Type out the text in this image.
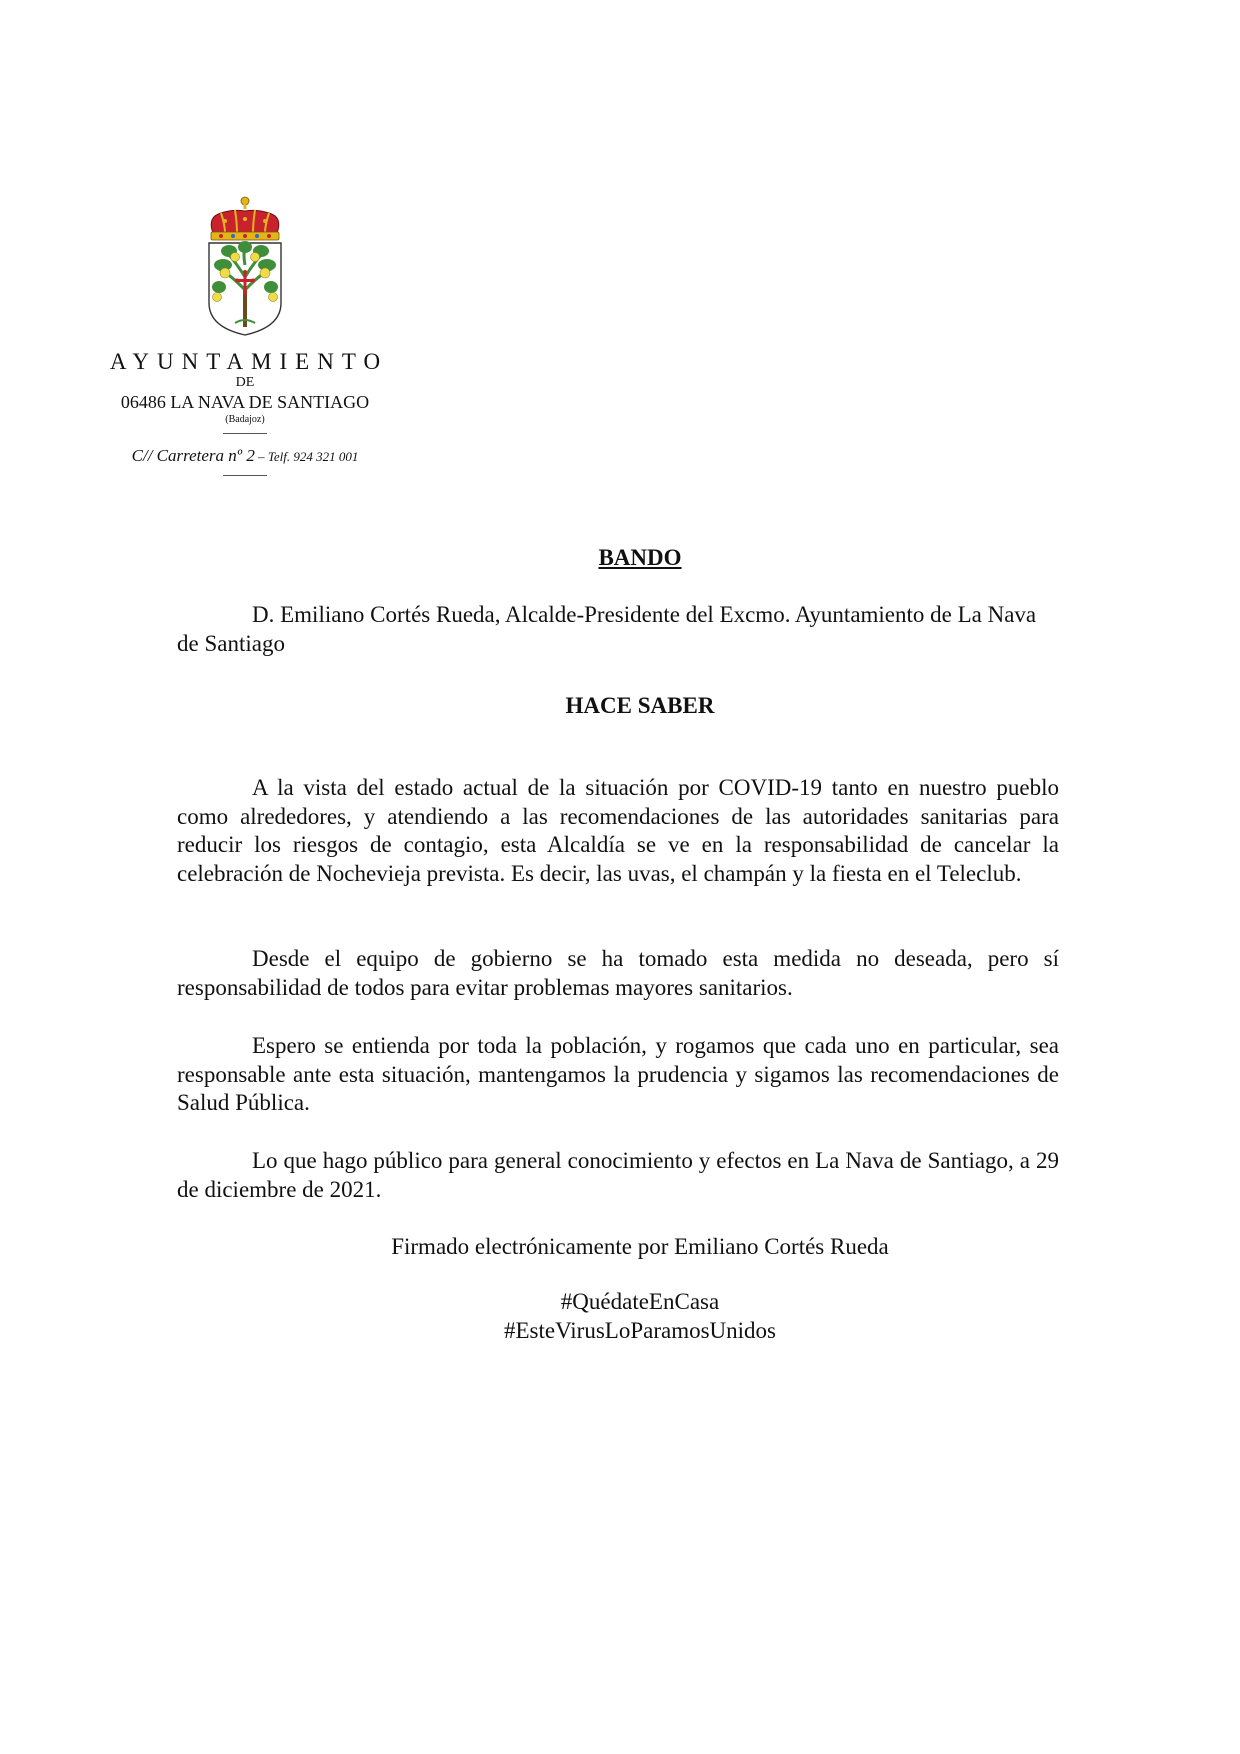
AYUNTAMIENTO
DE
06486 LA NAVA DE SANTIAGO
(Badajoz)
C// Carretera nº 2 – Telf. 924 321 001
BANDO

D. Emiliano Cortés Rueda, Alcalde-Presidente del Excmo. Ayuntamiento de La Nava de Santiago

HACE SABER

A la vista del estado actual de la situación por COVID-19 tanto en nuestro pueblo como alrededores, y atendiendo a las recomendaciones de las autoridades sanitarias para reducir los riesgos de contagio, esta Alcaldía se ve en la responsabilidad de cancelar la celebración de Nochevieja prevista. Es decir, las uvas, el champán y la fiesta en el Teleclub.

Desde el equipo de gobierno se ha tomado esta medida no deseada, pero sí responsabilidad de todos para evitar problemas mayores sanitarios.

Espero se entienda por toda la población, y rogamos que cada uno en particular, sea responsable ante esta situación, mantengamos la prudencia y sigamos las recomendaciones de Salud Pública.

Lo que hago público para general conocimiento y efectos en La Nava de Santiago, a 29 de diciembre de 2021.

Firmado electrónicamente por Emiliano Cortés Rueda
#QuédateEnCasa
#EsteVirusLoParamosUnidos
